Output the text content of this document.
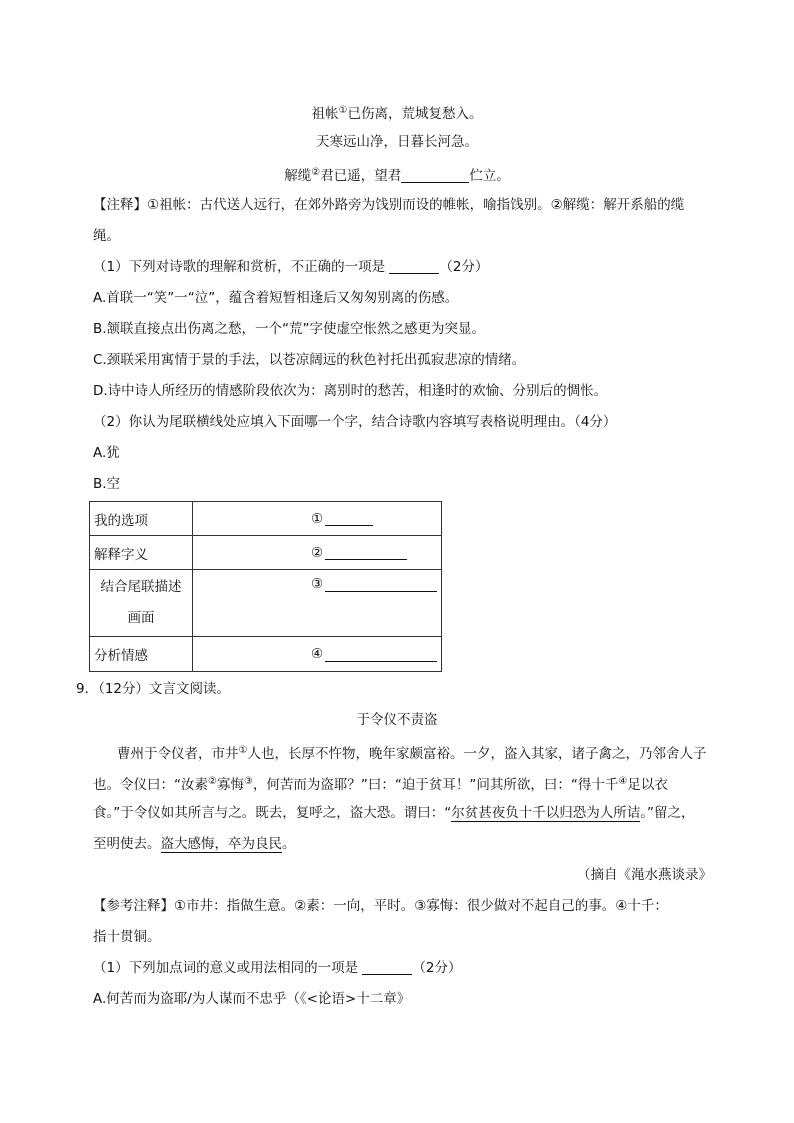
祖帐①已伤离，荒城复愁入。
天寒远山净，日暮长河急。
解缆②君已遥，望君	伫立。
【注释】①祖帐：古代送人远行，在郊外路旁为饯别而设的帷帐，喻指饯别。②解缆：解开系船的缆
绳。
（1）下列对诗歌的理解和赏析，不正确的一项是	（2分）
A.首联一“笑”一“泣”，蕴含着短暂相逢后又匆匆别离的伤感。
B.颔联直接点出伤离之愁，一个“荒”字使虚空怅然之感更为突显。
C.颈联采用寓情于景的手法，以苍凉阔远的秋色衬托出孤寂悲凉的情绪。
D.诗中诗人所经历的情感阶段依次为：离别时的愁苦，相逢时的欢愉、分别后的惆怅。
（2）你认为尾联横线处应填入下面哪一个字，结合诗歌内容填写表格说明理由。（4分）
A.犹
B.空
我的选项	①

解释字义	②

结合尾联描述
画面	③

分析情感	④
9．（12分）文言文阅读。
于令仪不责盗
曹州于令仪者，市井①人也，长厚不忤物，晚年家颇富裕。一夕，盗入其家，诸子禽之，乃邻舍人子
也。令仪曰：“汝素②寡悔③，何苦而为盗耶？”曰：“迫于贫耳！”问其所欲，曰：“得十千④足以衣
食。”于令仪如其所言与之。既去，复呼之，盗大恐。谓曰：“尔贫甚夜负十千以归恐为人所诘。”留之，
至明使去。盗大感悔，卒为良民。
（摘自《渑水燕谈录》
【参考注释】①市井：指做生意。②素：一向，平时。③寡悔：很少做对不起自己的事。④十千：
指十贯铜。
（1）下列加点词的意义或用法相同的一项是	（2分）
A.何苦而为盗耶/为人谋而不忠乎（《<论语>十二章》
